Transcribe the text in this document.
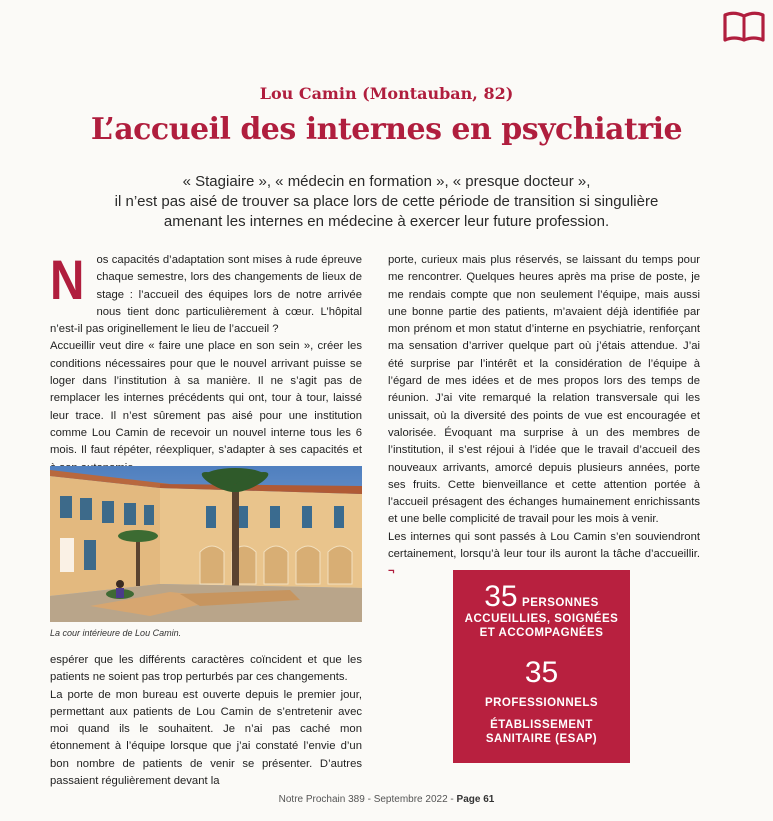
Lou Camin (Montauban, 82)
L’accueil des internes en psychiatrie
« Stagiaire », « médecin en formation », « presque docteur »,
il n’est pas aisé de trouver sa place lors de cette période de transition si singulière
amenant les internes en médecine à exercer leur future profession.
N	os capacités d’adaptation sont mises à rude épreuve chaque semestre, lors des changements de lieux de stage : l’accueil des équipes lors de notre arrivée nous tient donc particulièrement à cœur. L’hôpital n’est-il pas originellement le lieu de l’accueil ?

Accueillir veut dire « faire une place en son sein », créer les conditions nécessaires pour que le nouvel arrivant puisse se loger dans l’institution à sa manière. Il ne s’agit pas de remplacer les internes précédents qui ont, tour à tour, laissé leur trace. Il n’est sûrement pas aisé pour une institution comme Lou Camin de recevoir un nouvel interne tous les 6 mois. Il faut répéter, réexpliquer, s’adapter à ses capacités et

La cour intérieure de Lou Camin.

espérer que les différents caractères coïncident et que les patients ne soient pas trop perturbés par ces changements.

La porte de mon bureau est ouverte depuis le premier jour, permettant aux patients de Lou Camin de s’entretenir avec moi quand ils le souhaitent. Je n’ai pas caché mon étonnement à l’équipe lorsque que j’ai constaté l’envie d’un bon nombre de patients de venir se présenter. D’autres passaient régulièrement devant la

porte, curieux mais plus réservés, se laissant du temps pour me rencontrer. Quelques heures après ma prise de poste, je me rendais compte que non seulement l’équipe, mais aussi une bonne partie des patients, m’avaient déjà identifiée par mon prénom et mon statut d’interne en psychiatrie, renforçant ma sensation d’arriver quelque part où j’étais attendue. J’ai été surprise par l’intérêt et la considération de l’équipe à l’égard de mes idées et de mes propos lors des temps de réunion. J’ai vite remarqué la relation transversale qui les unissait, où la diversité des points de vue est encouragée et valorisée. Évoquant ma surprise à un des membres de l’institution, il s’est réjoui à l’idée que le travail d’accueil des nouveaux arrivants, amorcé depuis plusieurs années, porte ses fruits. Cette bienveillance et cette attention portée à l’accueil présagent des échanges humainement enrichissants et une belle complicité de travail pour les mois à venir.

Les internes qui sont passés à Lou Camin s’en souviendront certainement, lorsqu’à leur tour ils auront la tâche d’accueillir. ¬

35 PERSONNES
ACCUEILLIES, SOIGNÉES
ET ACCOMPAGNÉES
35
PROFESSIONNELS
ÉTABLISSEMENT
SANITAIRE (ESAP)
Notre Prochain 389 - Septembre 2022 - Page 61
